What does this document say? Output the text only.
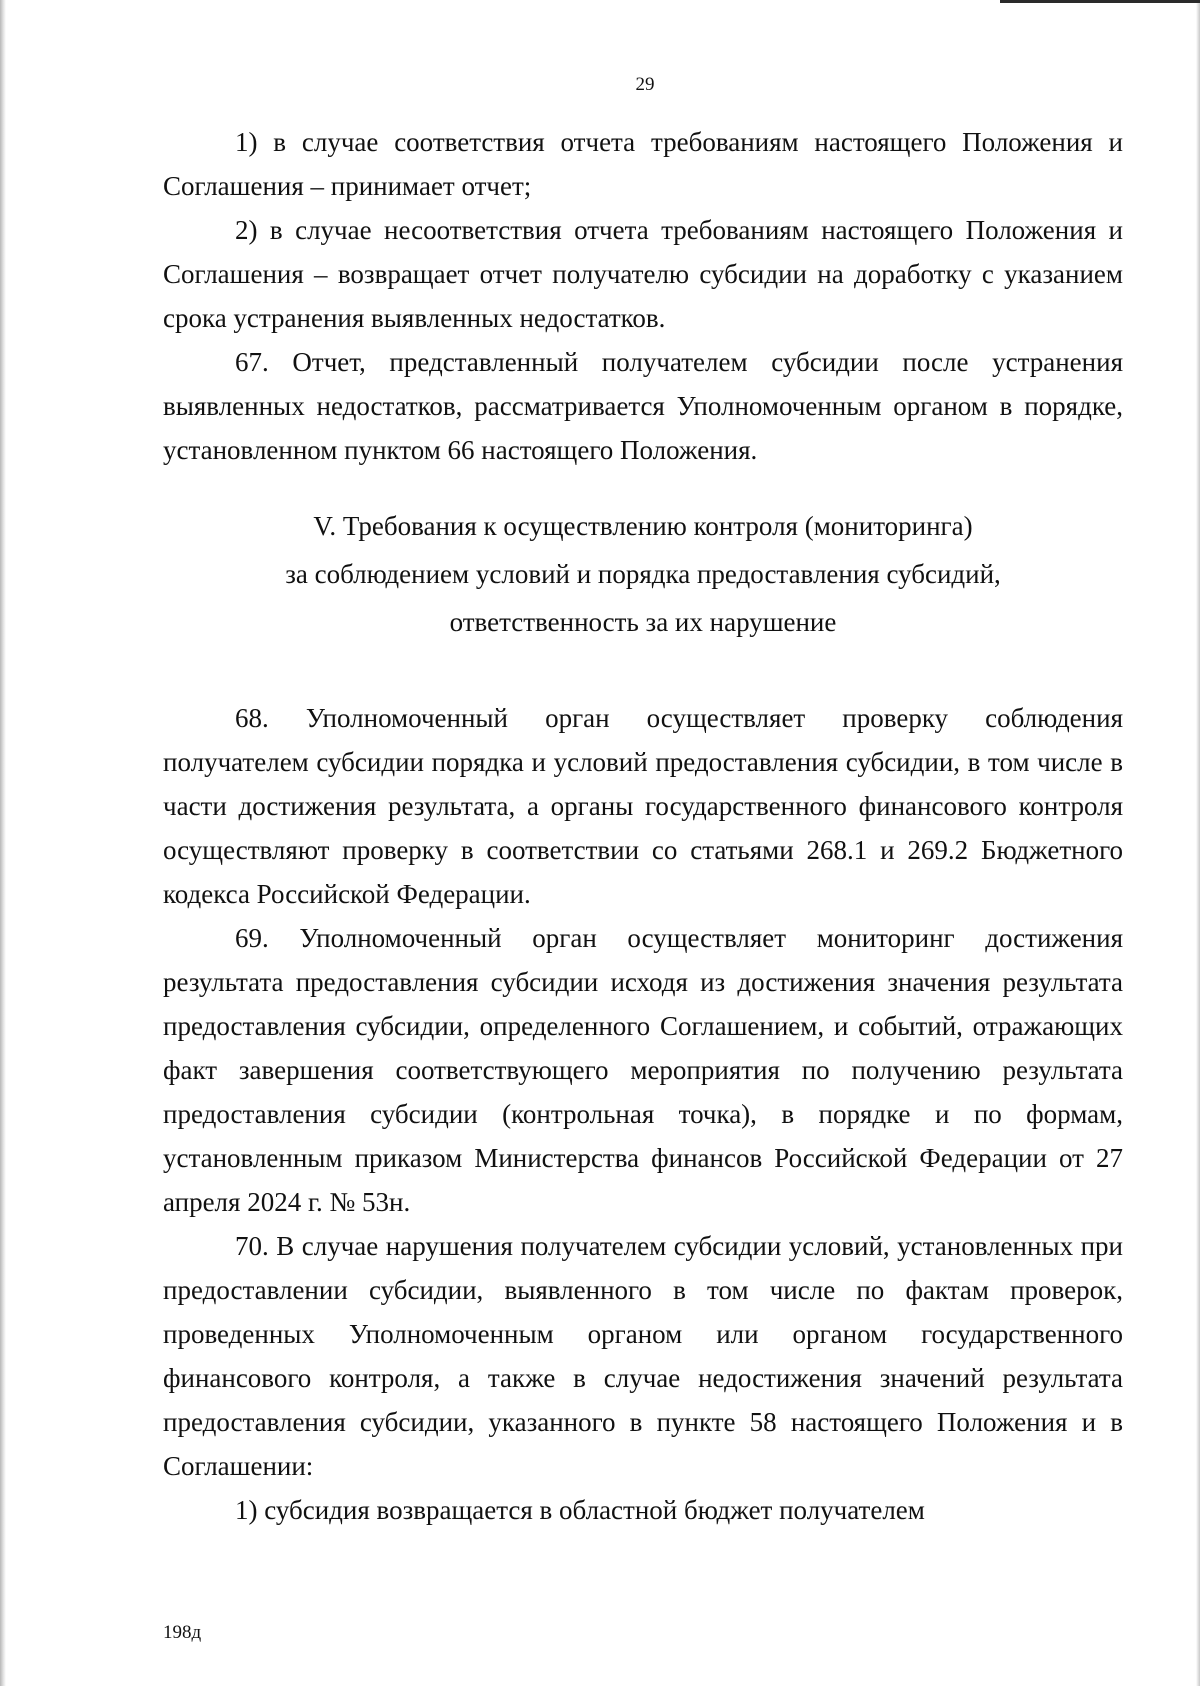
29

1) в случае соответствия отчета требованиям настоящего Положения и Соглашения – принимает отчет;

2) в случае несоответствия отчета требованиям настоящего Положения и Соглашения – возвращает отчет получателю субсидии на доработку с указанием срока устранения выявленных недостатков.

67. Отчет, представленный получателем субсидии после устранения выявленных недостатков, рассматривается Уполномоченным органом в порядке, установленном пунктом 66 настоящего Положения.

V. Требования к осуществлению контроля (мониторинга)
за соблюдением условий и порядка предоставления субсидий,
ответственность за их нарушение

68. Уполномоченный орган осуществляет проверку соблюдения получателем субсидии порядка и условий предоставления субсидии, в том числе в части достижения результата, а органы государственного финансового контроля осуществляют проверку в соответствии со статьями 268.1 и 269.2 Бюджетного кодекса Российской Федерации.

69. Уполномоченный орган осуществляет мониторинг достижения результата предоставления субсидии исходя из достижения значения результата предоставления субсидии, определенного Соглашением, и событий, отражающих факт завершения соответствующего мероприятия по получению результата предоставления субсидии (контрольная точка), в порядке и по формам, установленным приказом Министерства финансов Российской Федерации от 27 апреля 2024 г. № 53н.

70. В случае нарушения получателем субсидии условий, установленных при предоставлении субсидии, выявленного в том числе по фактам проверок, проведенных Уполномоченным органом или органом государственного финансового контроля, а также в случае недостижения значений результата предоставления субсидии, указанного в пункте 58 настоящего Положения и в Соглашении:

1) субсидия возвращается в областной бюджет получателем

198д
